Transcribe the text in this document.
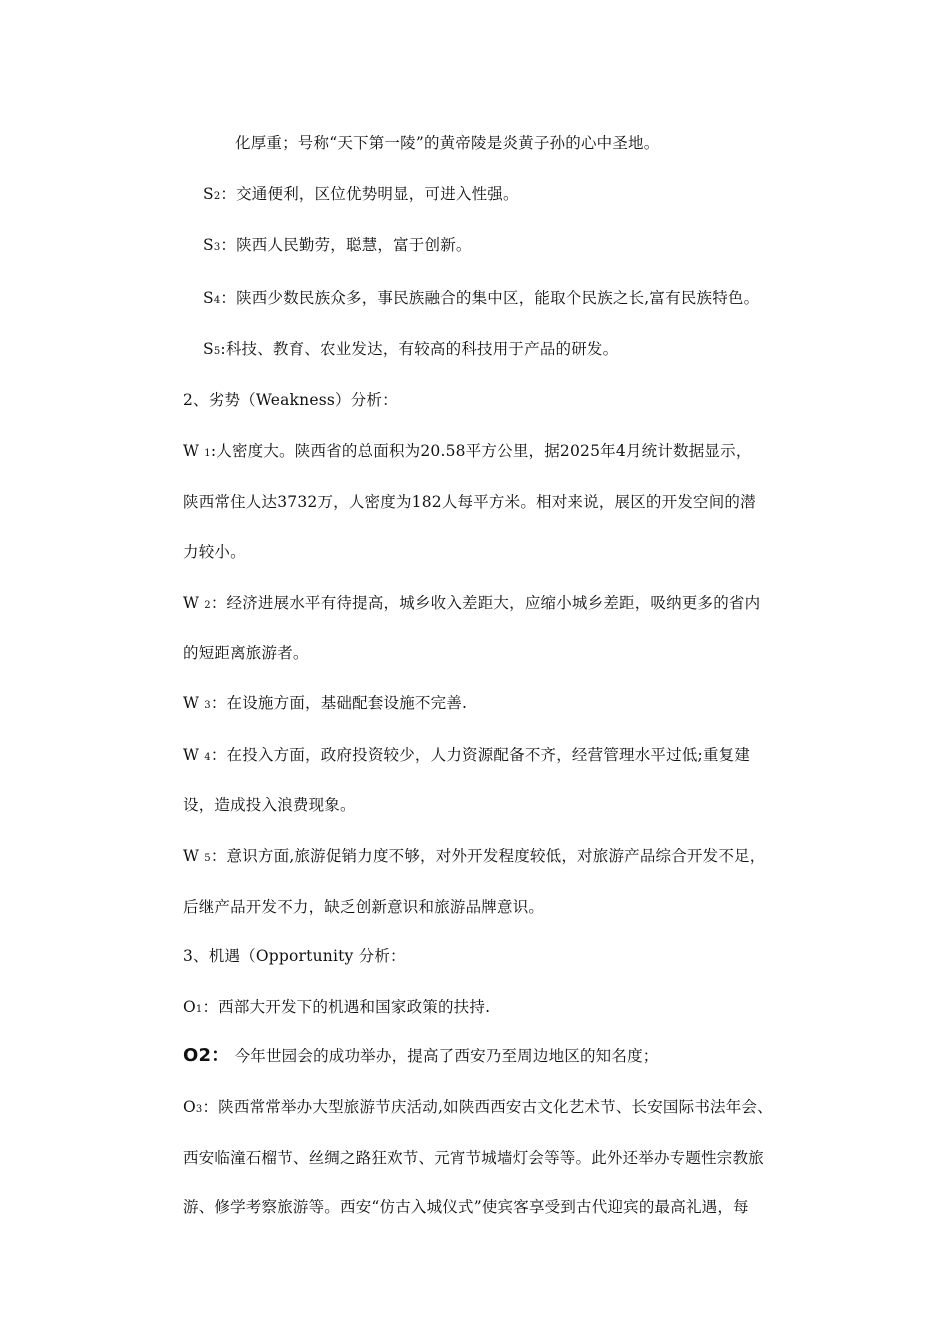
化厚重；号称“天下第一陵”的黄帝陵是炎黄子孙的心中圣地。
S2：交通便利，区位优势明显，可进入性强。
S3：陕西人民勤劳，聪慧，富于创新。
S4：陕西少数民族众多，事民族融合的集中区，能取个民族之长,富有民族特色。
S5:科技、教育、农业发达，有较高的科技用于产品的研发。
2、劣势（Weakness）分析：
W 1:人密度大。陕西省的总面积为20.58平方公里，据2025年4月统计数据显示，
陕西常住人达3732万，人密度为182人每平方米。相对来说，展区的开发空间的潜
力较小。
W 2：经济进展水平有待提高，城乡收入差距大，应缩小城乡差距，吸纳更多的省内
的短距离旅游者。
W 3：在设施方面，基础配套设施不完善.
W 4：在投入方面，政府投资较少，人力资源配备不齐，经营管理水平过低;重复建
设，造成投入浪费现象。
W 5：意识方面,旅游促销力度不够，对外开发程度较低，对旅游产品综合开发不足，
后继产品开发不力，缺乏创新意识和旅游品牌意识。
3、机遇（Opportunity 分析：
O1：西部大开发下的机遇和国家政策的扶持.
O2： 今年世园会的成功举办，提高了西安乃至周边地区的知名度；
O3：陕西常常举办大型旅游节庆活动,如陕西西安古文化艺术节、长安国际书法年会、
西安临潼石榴节、丝绸之路狂欢节、元宵节城墙灯会等等。此外还举办专题性宗教旅
游、修学考察旅游等。西安“仿古入城仪式”使宾客享受到古代迎宾的最高礼遇，每
